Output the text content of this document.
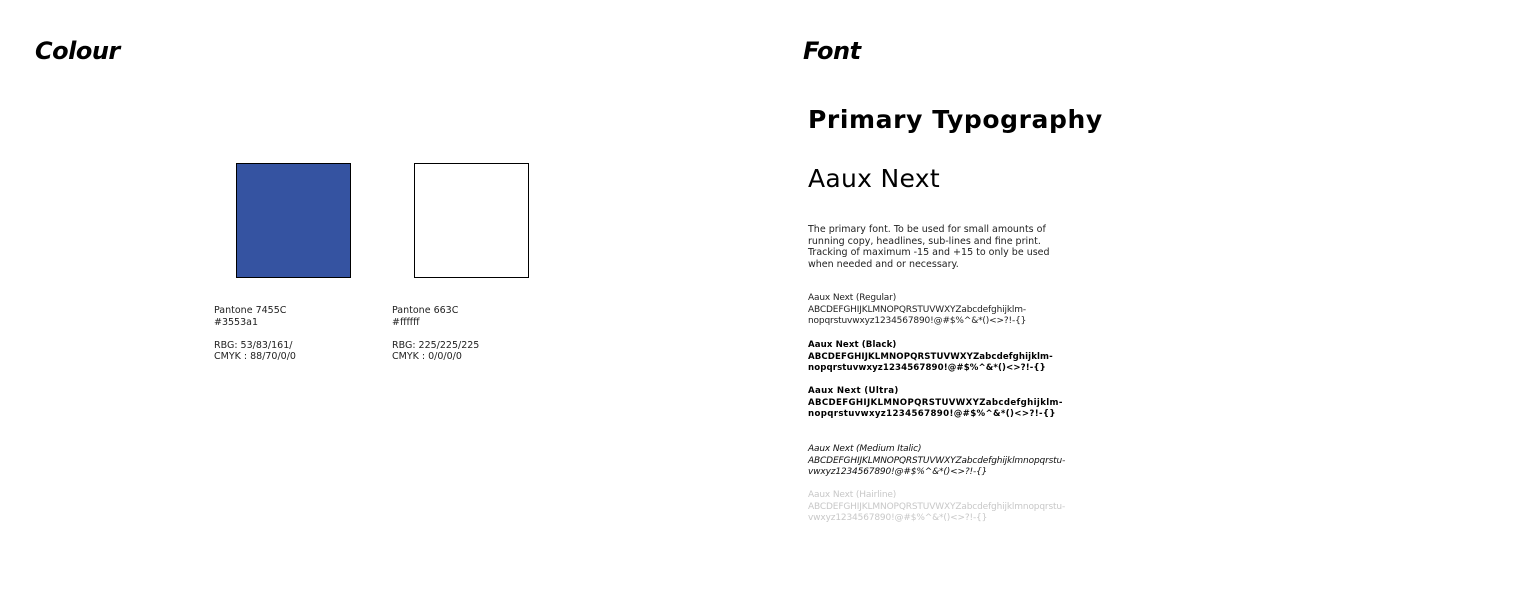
Colour
Pantone 7455C
#3553a1
RBG: 53/83/161/
CMYK : 88/70/0/0
Pantone 663C
#ffffff
RBG: 225/225/225
CMYK : 0/0/0/0
Font
Primary Typography
Aaux Next
The primary font. To be used for small amounts of running copy, headlines, sub-lines and fine print. Tracking of maximum -15 and +15 to only be used when needed and or necessary.
Aaux Next (Regular)
ABCDEFGHIJKLMNOPQRSTUVWXYZabcdefghijklm-
nopqrstuvwxyz1234567890!@#$%^&*()<>?!-{}
Aaux Next (Black)
ABCDEFGHIJKLMNOPQRSTUVWXYZabcdefghijklm-
nopqrstuvwxyz1234567890!@#$%^&*()<>?!-{}
Aaux Next (Ultra)
ABCDEFGHIJKLMNOPQRSTUVWXYZabcdefghijklm-
nopqrstuvwxyz1234567890!@#$%^&*()<>?!-{}
Aaux Next (Medium Italic)
ABCDEFGHIJKLMNOPQRSTUVWXYZabcdefghijklmnopqrstu-
vwxyz1234567890!@#$%^&*()<>?!-{}
Aaux Next (Hairline)
ABCDEFGHIJKLMNOPQRSTUVWXYZabcdefghijklmnopqrstu-
vwxyz1234567890!@#$%^&*()<>?!-{}
